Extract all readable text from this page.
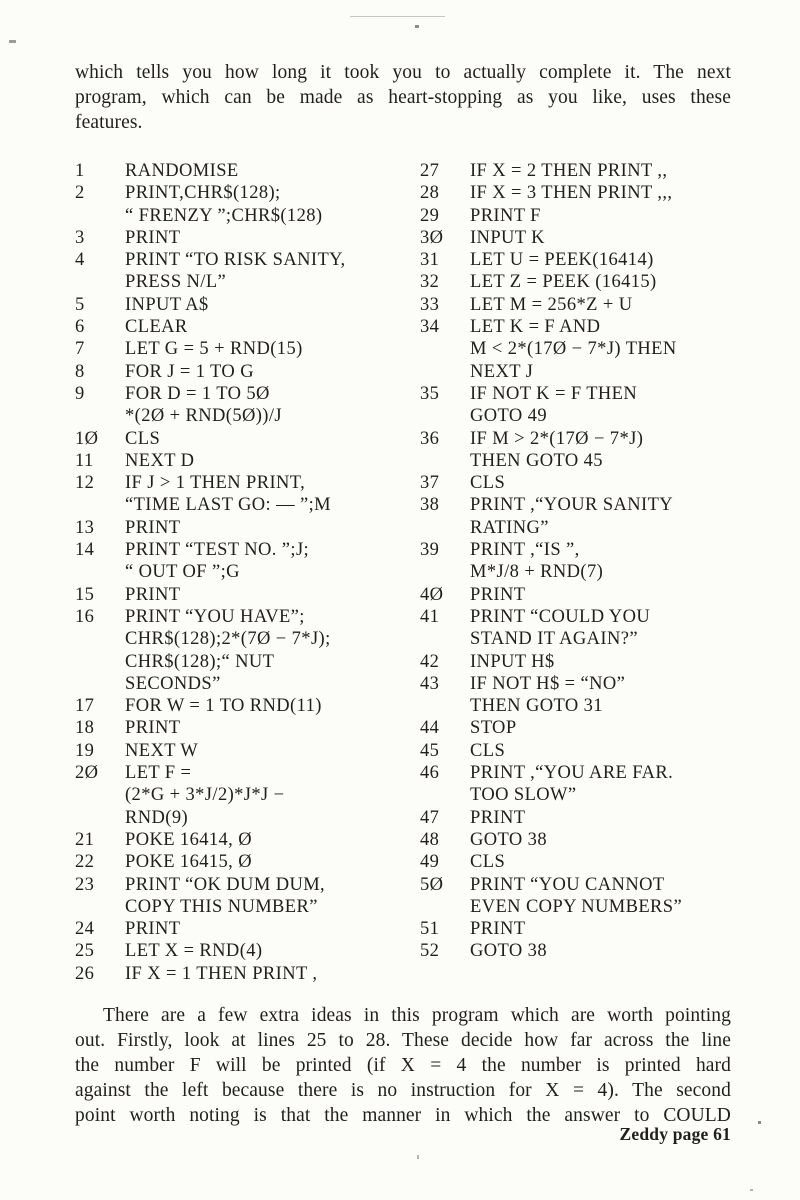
which tells you how long it took you to actually complete it. The next
program, which can be made as heart-stopping as you like, uses these
features.
1	RANDOMISE
2	PRINT,CHR$(128);
“ FRENZY ”;CHR$(128)
3	PRINT
4	PRINT “TO RISK SANITY,
PRESS N/L”
5	INPUT A$
6	CLEAR
7	LET G = 5 + RND(15)
8	FOR J = 1 TO G
9	FOR D = 1 TO 5Ø
*(2Ø + RND(5Ø))/J
1Ø	CLS
11	NEXT D
12	IF J > 1 THEN PRINT,
“TIME LAST GO: — ”;M
13	PRINT
14	PRINT “TEST NO. ”;J;
“ OUT OF ”;G
15	PRINT
16	PRINT “YOU HAVE”;
CHR$(128);2*(7Ø − 7*J);
CHR$(128);“ NUT
SECONDS”
17	FOR W = 1 TO RND(11)
18	PRINT
19	NEXT W
2Ø	LET F =
(2*G + 3*J/2)*J*J −
RND(9)
21	POKE 16414, Ø
22	POKE 16415, Ø
23	PRINT “OK DUM DUM,
COPY THIS NUMBER”
24	PRINT
25	LET X = RND(4)
26	IF X = 1 THEN PRINT ,
27	IF X = 2 THEN PRINT ,,
28	IF X = 3 THEN PRINT ,,,
29	PRINT F
3Ø	INPUT K
31	LET U = PEEK(16414)
32	LET Z = PEEK (16415)
33	LET M = 256*Z + U
34	LET K = F AND
M < 2*(17Ø − 7*J) THEN
NEXT J
35	IF NOT K = F THEN
GOTO 49
36	IF M > 2*(17Ø − 7*J)
THEN GOTO 45
37	CLS
38	PRINT ,“YOUR SANITY
RATING”
39	PRINT ,“IS ”,
M*J/8 + RND(7)
4Ø	PRINT
41	PRINT “COULD YOU
STAND IT AGAIN?”
42	INPUT H$
43	IF NOT H$ = “NO”
THEN GOTO 31
44	STOP
45	CLS
46	PRINT ,“YOU ARE FAR.
TOO SLOW”
47	PRINT
48	GOTO 38
49	CLS
5Ø	PRINT “YOU CANNOT
EVEN COPY NUMBERS”
51	PRINT
52	GOTO 38
There are a few extra ideas in this program which are worth pointing
out. Firstly, look at lines 25 to 28. These decide how far across the line
the number F will be printed (if X = 4 the number is printed hard
against the left because there is no instruction for X = 4). The second
point worth noting is that the manner in which the answer to COULD
Zeddy page 61
